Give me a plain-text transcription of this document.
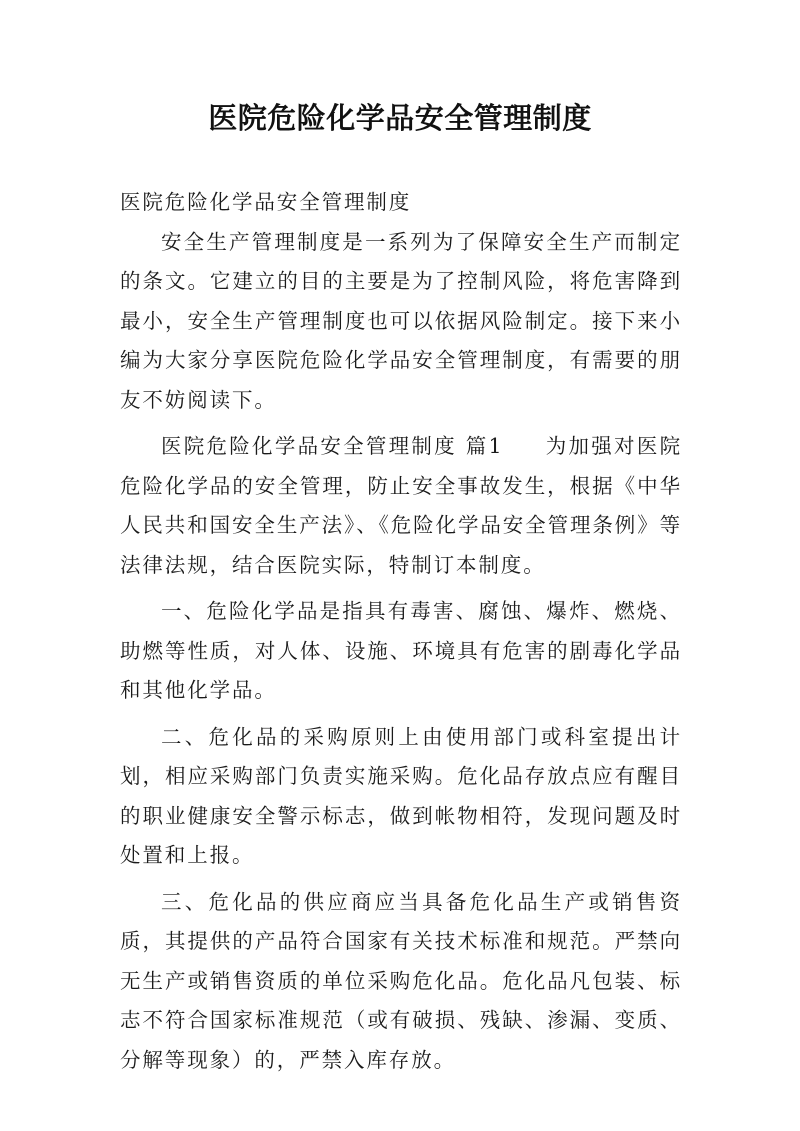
医院危险化学品安全管理制度

医院危险化学品安全管理制度

安全生产管理制度是一系列为了保障安全生产而制定的条文。它建立的目的主要是为了控制风险，将危害降到最小，安全生产管理制度也可以依据风险制定。接下来小编为大家分享医院危险化学品安全管理制度，有需要的朋友不妨阅读下。

医院危险化学品安全管理制度 篇1 为加强对医院危险化学品的安全管理，防止安全事故发生，根据《中华人民共和国安全生产法》、《危险化学品安全管理条例》等法律法规，结合医院实际，特制订本制度。

一、危险化学品是指具有毒害、腐蚀、爆炸、燃烧、助燃等性质，对人体、设施、环境具有危害的剧毒化学品和其他化学品。

二、危化品的采购原则上由使用部门或科室提出计划，相应采购部门负责实施采购。危化品存放点应有醒目的职业健康安全警示标志，做到帐物相符，发现问题及时处置和上报。

三、危化品的供应商应当具备危化品生产或销售资质，其提供的产品符合国家有关技术标准和规范。严禁向无生产或销售资质的单位采购危化品。危化品凡包装、标志不符合国家标准规范（或有破损、残缺、渗漏、变质、分解等现象）的，严禁入库存放。
